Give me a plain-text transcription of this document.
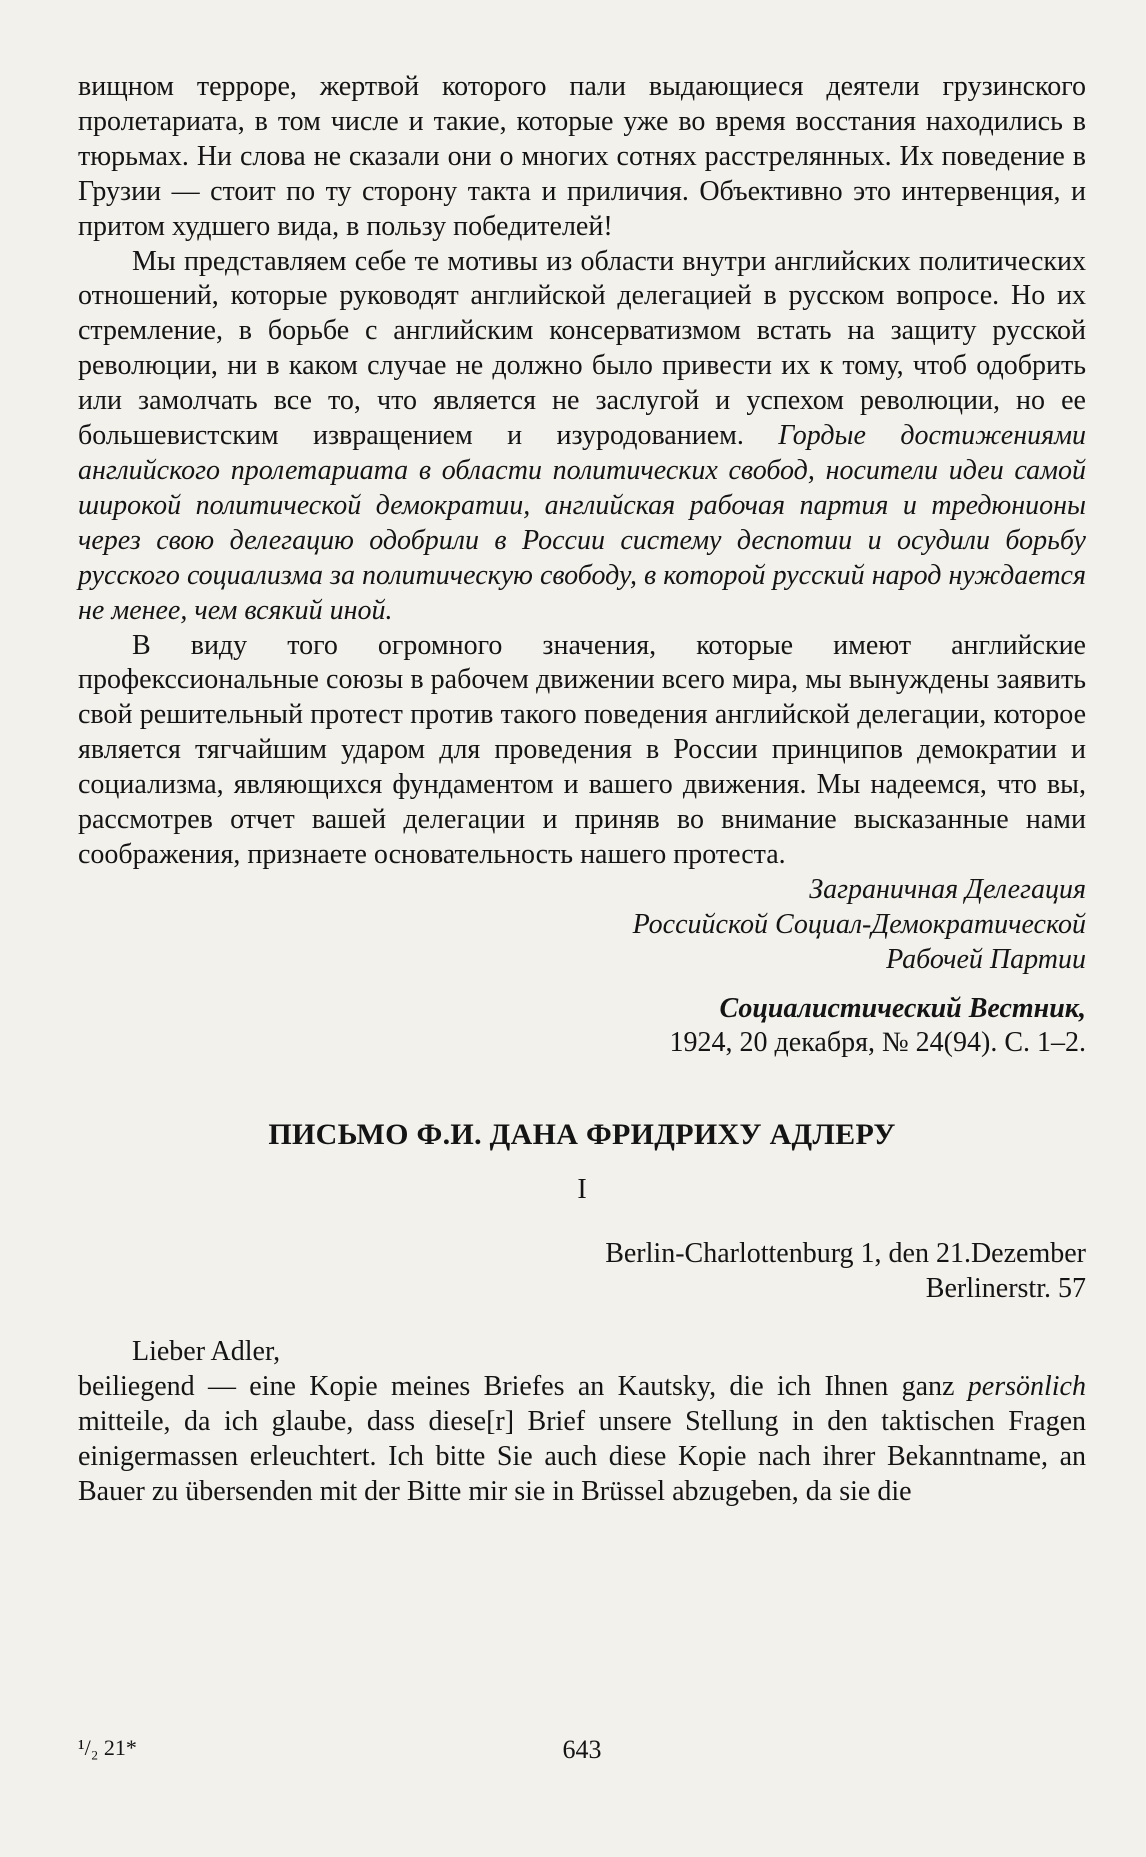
вищном терроре, жертвой которого пали выдающиеся деятели грузинского пролетариата, в том числе и такие, которые уже во время восстания находились в тюрьмах. Ни слова не сказали они о многих сотнях расстрелянных. Их поведение в Грузии — стоит по ту сторону такта и приличия. Объективно это интервенция, и притом худшего вида, в пользу победителей!

Мы представляем себе те мотивы из области внутри английских политических отношений, которые руководят английской делегацией в русском вопросе. Но их стремление, в борьбе с английским консерватизмом встать на защиту русской революции, ни в каком случае не должно было привести их к тому, чтоб одобрить или замолчать все то, что является не заслугой и успехом революции, но ее большевистским извращением и изуродованием. Гордые достижениями английского пролетариата в области политических свобод, носители идеи самой широкой политической демократии, английская рабочая партия и тредюнионы через свою делегацию одобрили в России систему деспотии и осудили борьбу русского социализма за политическую свободу, в которой русский народ нуждается не менее, чем всякий иной.

В виду того огромного значения, которые имеют английские профекссиональные союзы в рабочем движении всего мира, мы вынуждены заявить свой решительный протест против такого поведения английской делегации, которое является тягчайшим ударом для проведения в России принципов демократии и социализма, являющихся фундаментом и вашего движения. Мы надеемся, что вы, рассмотрев отчет вашей делегации и приняв во внимание высказанные нами соображения, признаете основательность нашего протеста.

Заграничная Делегация
Российской Социал-Демократической
Рабочей Партии
Социалистический Вестник,
1924, 20 декабря, № 24(94). С. 1–2.
ПИСЬМО Ф.И. ДАНА ФРИДРИХУ АДЛЕРУ
I
Berlin-Charlottenburg 1, den 21.Dezember
Berlinerstr. 57
Lieber Adler,

beiliegend — eine Kopie meines Briefes an Kautsky, die ich Ihnen ganz persönlich mitteile, da ich glaube, dass diese[r] Brief unsere Stellung in den taktischen Fragen einigermassen erleuchtert. Ich bitte Sie auch diese Kopie nach ihrer Bekanntname, an Bauer zu übersenden mit der Bitte mir sie in Brüssel abzugeben, da sie die

¹/₂ 21*	643
